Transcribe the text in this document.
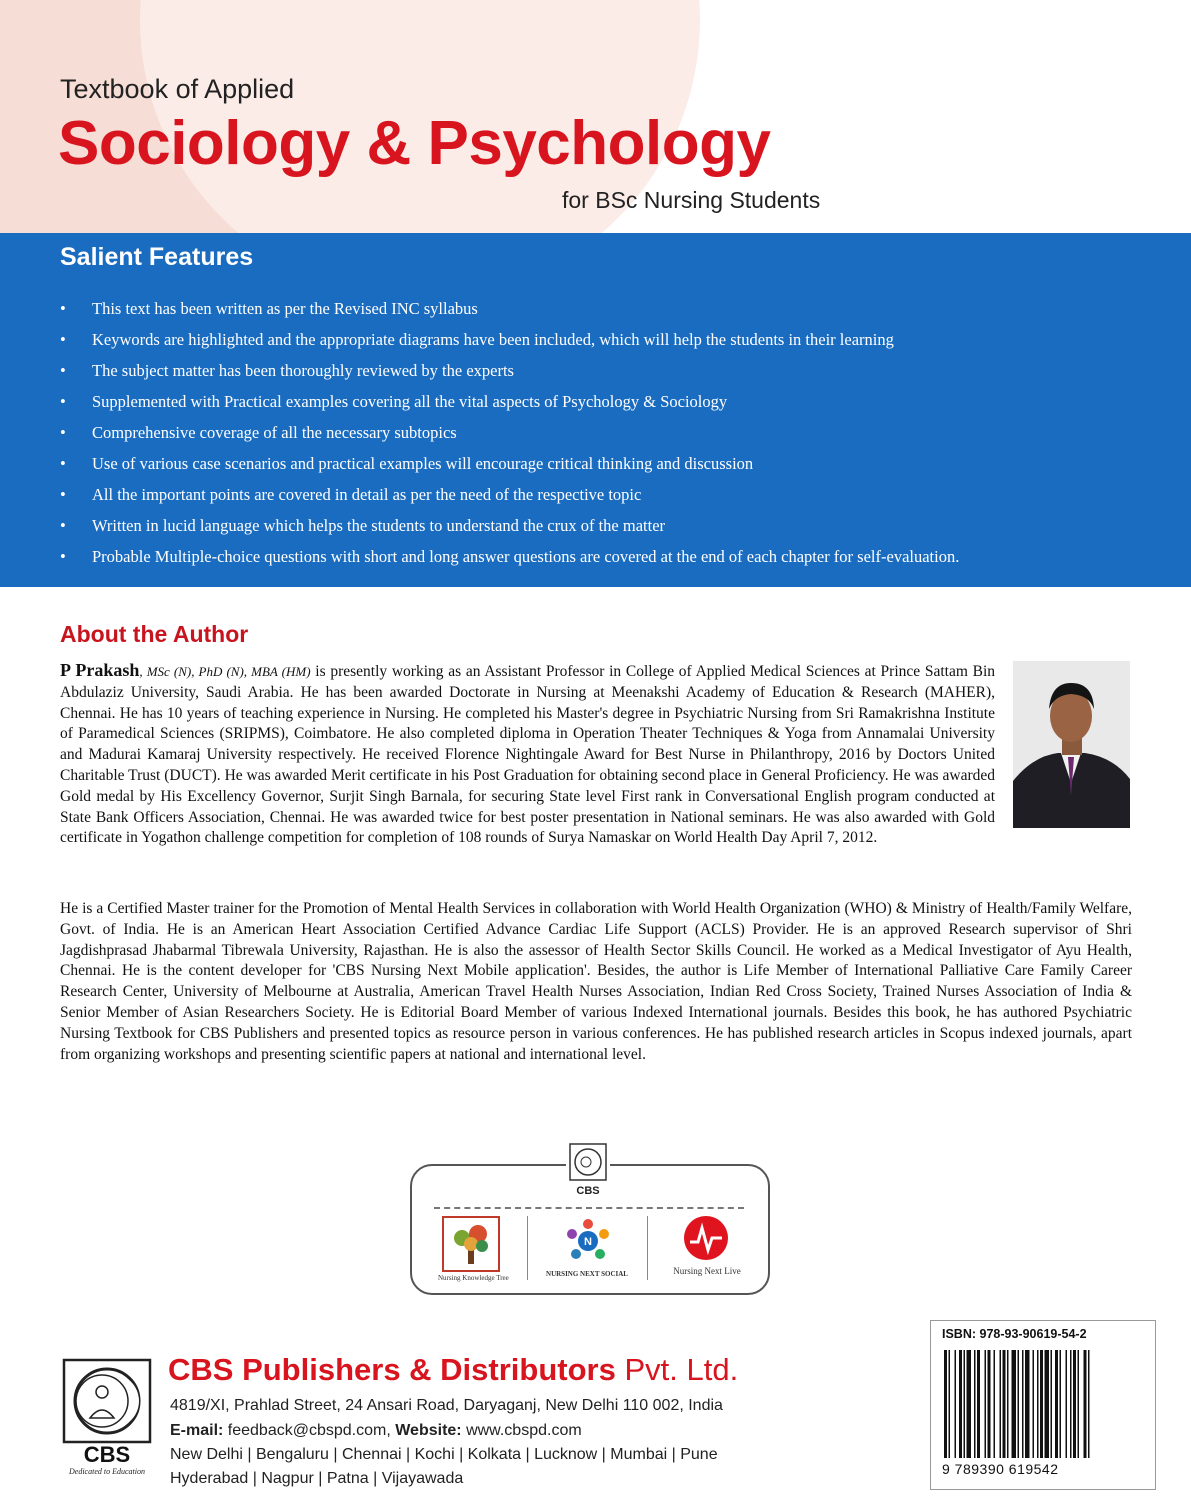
Textbook of Applied
Sociology & Psychology
for BSc Nursing Students
Salient Features
• This text has been written as per the Revised INC syllabus
• Keywords are highlighted and the appropriate diagrams have been included, which will help the students in their learning
• The subject matter has been thoroughly reviewed by the experts
• Supplemented with Practical examples covering all the vital aspects of Psychology & Sociology
• Comprehensive coverage of all the necessary subtopics
• Use of various case scenarios and practical examples will encourage critical thinking and discussion
• All the important points are covered in detail as per the need of the respective topic
• Written in lucid language which helps the students to understand the crux of the matter
• Probable Multiple-choice questions with short and long answer questions are covered at the end of each chapter for self-evaluation.
About the Author
P Prakash, MSc (N), PhD (N), MBA (HM) is presently working as an Assistant Professor in College of Applied Medical Sciences at Prince Sattam Bin Abdulaziz University, Saudi Arabia. He has been awarded Doctorate in Nursing at Meenakshi Academy of Education & Research (MAHER), Chennai. He has 10 years of teaching experience in Nursing. He completed his Master's degree in Psychiatric Nursing from Sri Ramakrishna Institute of Paramedical Sciences (SRIPMS), Coimbatore. He also completed diploma in Operation Theater Techniques & Yoga from Annamalai University and Madurai Kamaraj University respectively. He received Florence Nightingale Award for Best Nurse in Philanthropy, 2016 by Doctors United Charitable Trust (DUCT). He was awarded Merit certificate in his Post Graduation for obtaining second place in General Proficiency. He was awarded Gold medal by His Excellency Governor, Surjit Singh Barnala, for securing State level First rank in Conversational English program conducted at State Bank Officers Association, Chennai. He was awarded twice for best poster presentation in National seminars. He was also awarded with Gold certificate in Yogathon challenge competition for completion of 108 rounds of Surya Namaskar on World Health Day April 7, 2012.
He is a Certified Master trainer for the Promotion of Mental Health Services in collaboration with World Health Organization (WHO) & Ministry of Health/Family Welfare, Govt. of India. He is an American Heart Association Certified Advance Cardiac Life Support (ACLS) Provider. He is an approved Research supervisor of Shri Jagdishprasad Jhabarmal Tibrewala University, Rajasthan. He is also the assessor of Health Sector Skills Council. He worked as a Medical Investigator of Ayu Health, Chennai. He is the content developer for 'CBS Nursing Next Mobile application'. Besides, the author is Life Member of International Palliative Care Family Career Research Center, University of Melbourne at Australia, American Travel Health Nurses Association, Indian Red Cross Society, Trained Nurses Association of India & Senior Member of Asian Researchers Society. He is Editorial Board Member of various Indexed International journals. Besides this book, he has authored Psychiatric Nursing Textbook for CBS Publishers and presented topics as resource person in various conferences. He has published research articles in Scopus indexed journals, apart from organizing workshops and presenting scientific papers at national and international level.
Nursing Knowledge Tree
N
NURSING NEXT SOCIAL	Nursing Next Live
CBS
CBS
Dedicated to Education
CBS Publishers & Distributors Pvt. Ltd.
4819/XI, Prahlad Street, 24 Ansari Road, Daryaganj, New Delhi 110 002, India
E-mail: feedback@cbspd.com, Website: www.cbspd.com
New Delhi | Bengaluru | Chennai | Kochi | Kolkata | Lucknow | Mumbai | Pune
Hyderabad | Nagpur | Patna | Vijayawada
ISBN: 978-93-90619-54-2
9 789390 619542
